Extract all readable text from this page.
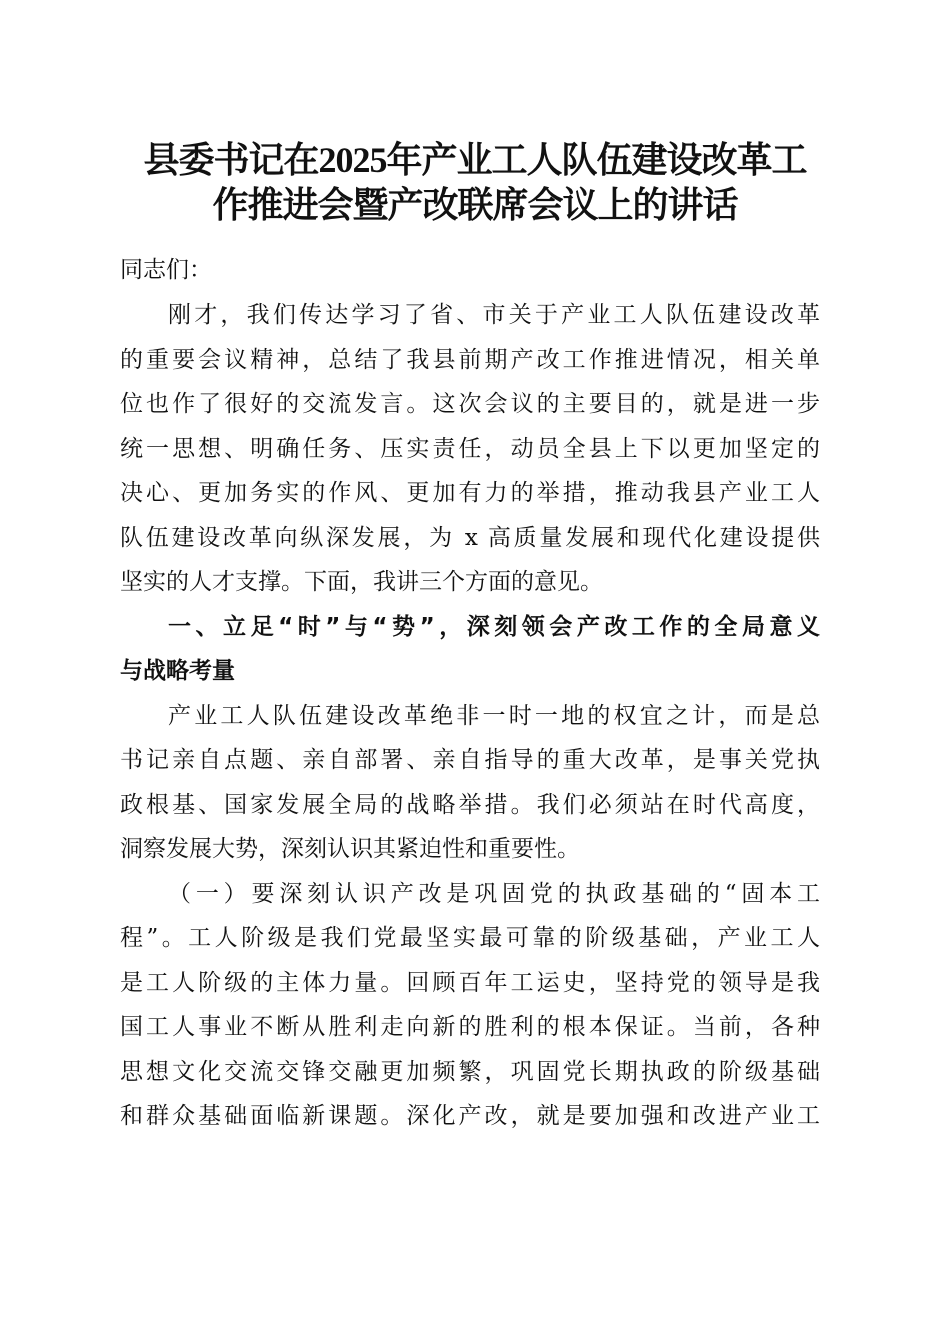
县委书记在2025年产业工人队伍建设改革工
作推进会暨产改联席会议上的讲话
同志们：
刚才，我们传达学习了省、市关于产业工人队伍建设改革
的重要会议精神，总结了我县前期产改工作推进情况，相关单
位也作了很好的交流发言。这次会议的主要目的，就是进一步
统一思想、明确任务、压实责任，动员全县上下以更加坚定的
决心、更加务实的作风、更加有力的举措，推动我县产业工人
队伍建设改革向纵深发展，为 x 高质量发展和现代化建设提供
坚实的人才支撑。下面，我讲三个方面的意见。
一、立足“时”与“势”，深刻领会产改工作的全局意义
与战略考量
产业工人队伍建设改革绝非一时一地的权宜之计，而是总
书记亲自点题、亲自部署、亲自指导的重大改革，是事关党执
政根基、国家发展全局的战略举措。我们必须站在时代高度，
洞察发展大势，深刻认识其紧迫性和重要性。
（一）要深刻认识产改是巩固党的执政基础的“固本工
程”。工人阶级是我们党最坚实最可靠的阶级基础，产业工人
是工人阶级的主体力量。回顾百年工运史，坚持党的领导是我
国工人事业不断从胜利走向新的胜利的根本保证。当前，各种
思想文化交流交锋交融更加频繁，巩固党长期执政的阶级基础
和群众基础面临新课题。深化产改，就是要加强和改进产业工
